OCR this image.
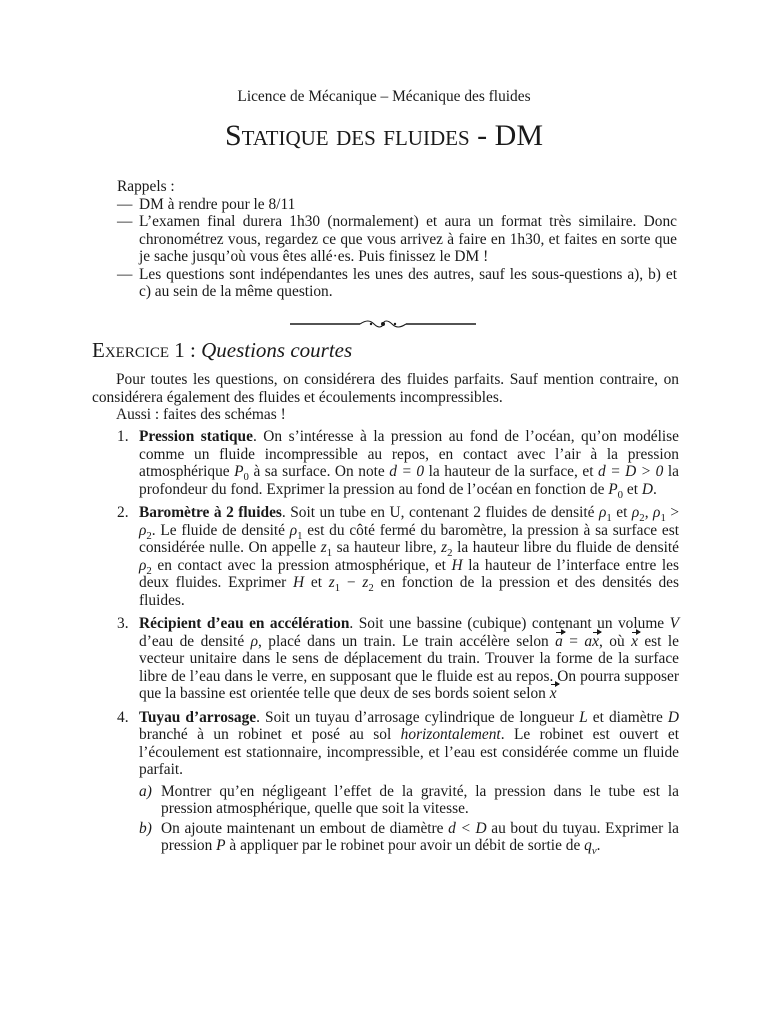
Licence de Mécanique – Mécanique des fluides
Statique des fluides - DM
Rappels :
— DM à rendre pour le 8/11
— L’examen final durera 1h30 (normalement) et aura un format très similaire. Donc chronométrez vous, regardez ce que vous arrivez à faire en 1h30, et faites en sorte que je sache jusqu’où vous êtes allé·es. Puis finissez le DM !
— Les questions sont indépendantes les unes des autres, sauf les sous-questions a), b) et c) au sein de la même question.
Exercice 1 : Questions courtes

Pour toutes les questions, on considérera des fluides parfaits. Sauf mention contraire, on considérera également des fluides et écoulements incompressibles.

Aussi : faites des schémas !

1. Pression statique. On s’intéresse à la pression au fond de l’océan, qu’on modélise comme un fluide incompressible au repos, en contact avec l’air à la pression atmosphérique $P_0$ à sa surface. On note d = 0 la hauteur de la surface, et d = D > 0 la profondeur du fond. Exprimer la pression au fond de l’océan en fonction de $P_0$ et D.
2. Baromètre à 2 fluides. Soit un tube en U, contenant 2 fluides de densité $\rho_1$ et $\rho_2$, $\rho_1 > \rho_2$. Le fluide de densité $\rho_1$ est du côté fermé du baromètre, la pression à sa surface est considérée nulle. On appelle $z_1$ sa hauteur libre, $z_2$ la hauteur libre du fluide de densité $\rho_2$ en contact avec la pression atmosphérique, et H la hauteur de l’interface entre les deux fluides. Exprimer H et $z_1 - z_2$ en fonction de la pression et des densités des fluides.
3. Récipient d’eau en accélération. Soit une bassine (cubique) contenant un volume V d’eau de densité ρ, placé dans un train. Le train accélère selon a = ax, où x est le vecteur unitaire dans le sens de déplacement du train. Trouver la forme de la surface libre de l’eau dans le verre, en supposant que le fluide est au repos. On pourra supposer que la bassine est orientée telle que deux de ses bords soient selon x
4. Tuyau d’arrosage. Soit un tuyau d’arrosage cylindrique de longueur L et diamètre D branché à un robinet et posé au sol horizontalement. Le robinet est ouvert et l’écoulement est stationnaire, incompressible, et l’eau est considérée comme un fluide parfait.
a) Montrer qu’en négligeant l’effet de la gravité, la pression dans le tube est la pression atmosphérique, quelle que soit la vitesse.
b) On ajoute maintenant un embout de diamètre d < D au bout du tuyau. Exprimer la pression P à appliquer par le robinet pour avoir un débit de sortie de $q_v$.
